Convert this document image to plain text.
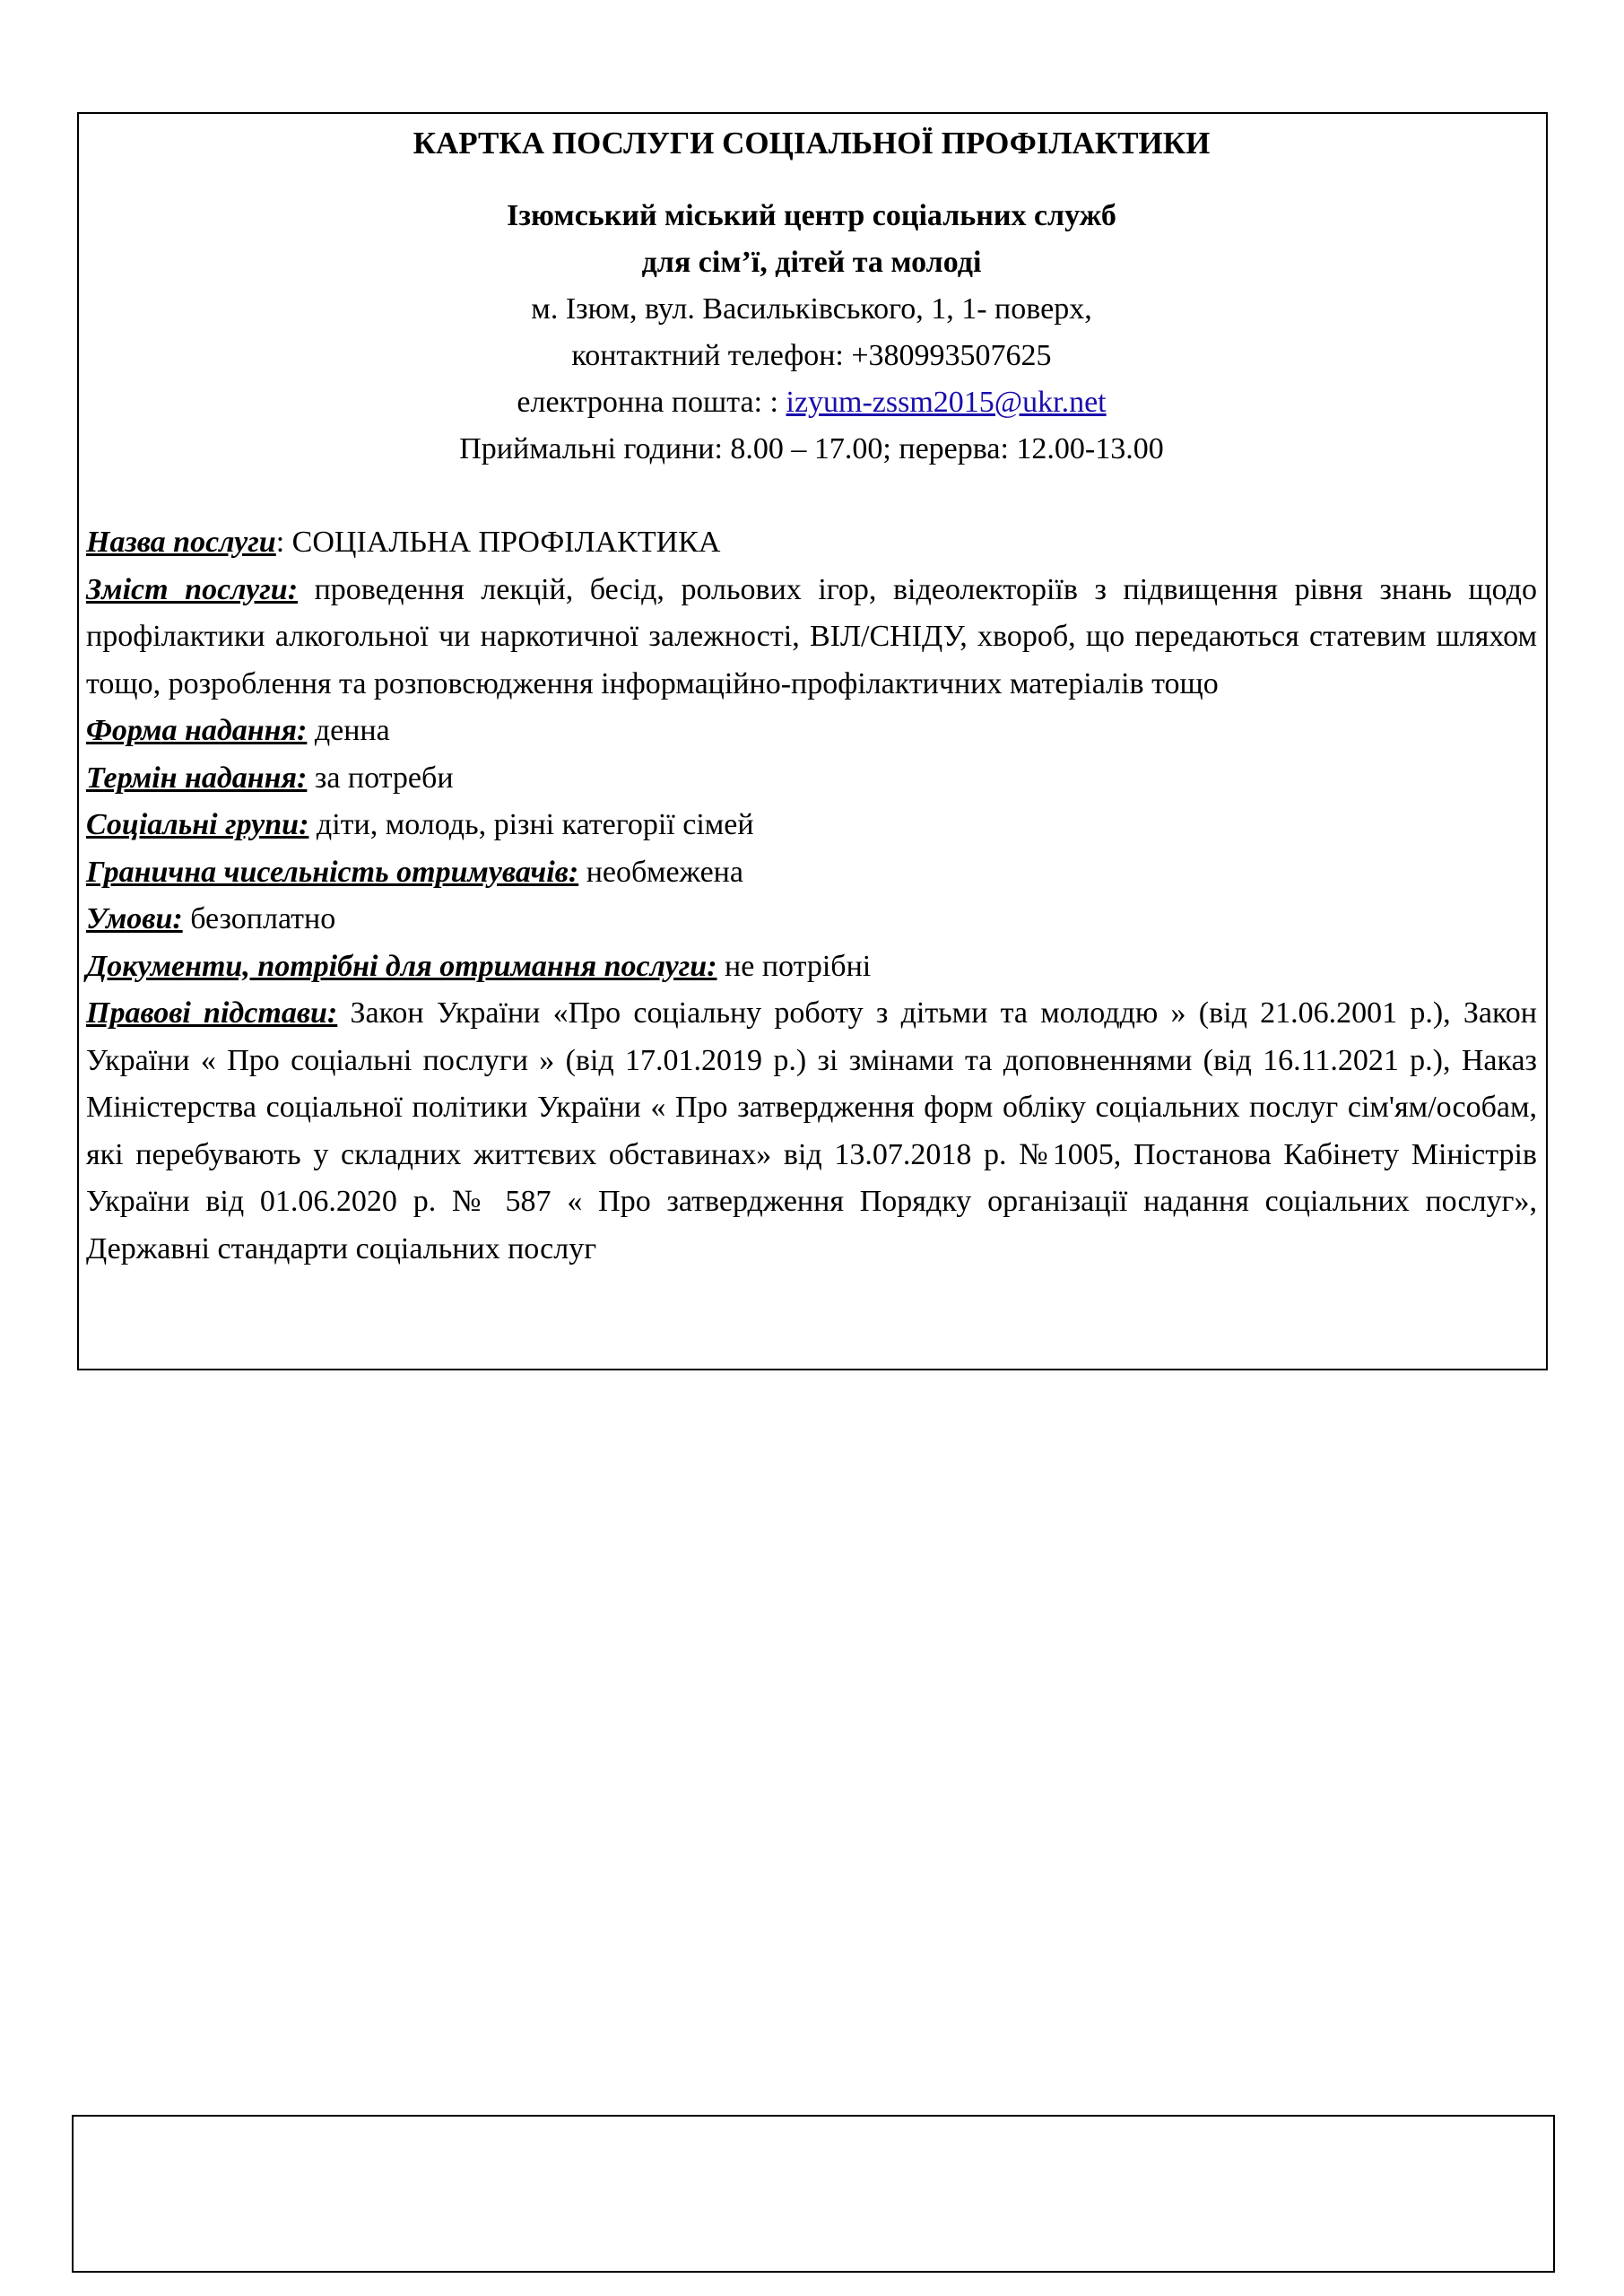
КАРТКА ПОСЛУГИ СОЦІАЛЬНОЇ ПРОФІЛАКТИКИ
Ізюмський міський центр соціальних служб
для сім’ї, дітей та молоді
м. Ізюм, вул. Васильківського, 1, 1- поверх,
контактний телефон: +380993507625
електронна пошта: : izyum-zssm2015@ukr.net
Приймальні години: 8.00 – 17.00; перерва: 12.00-13.00
Назва послуги: СОЦІАЛЬНА ПРОФІЛАКТИКА
Зміст послуги: проведення лекцій, бесід, рольових ігор, відеолекторіїв з підвищення рівня знань щодо профілактики алкогольної чи наркотичної залежності, ВІЛ/СНІДУ, хвороб, що передаються статевим шляхом тощо, розроблення та розповсюдження інформаційно-профілактичних матеріалів тощо
Форма надання: денна
Термін надання: за потреби
Соціальні групи: діти, молодь, різні категорії сімей
Гранична чисельність отримувачів: необмежена
Умови: безоплатно
Документи, потрібні для отримання послуги: не потрібні
Правові підстави: Закон України «Про соціальну роботу з дітьми та молоддю » (від 21.06.2001 р.), Закон України « Про соціальні послуги » (від 17.01.2019 р.) зі змінами та доповненнями (від 16.11.2021 р.), Наказ Міністерства соціальної політики України « Про затвердження форм обліку соціальних послуг сім'ям/особам, які перебувають у складних життєвих обставинах» від 13.07.2018 р. №1005, Постанова Кабінету Міністрів України від 01.06.2020 р. № 587 « Про затвердження Порядку організації надання соціальних послуг», Державні стандарти соціальних послуг
